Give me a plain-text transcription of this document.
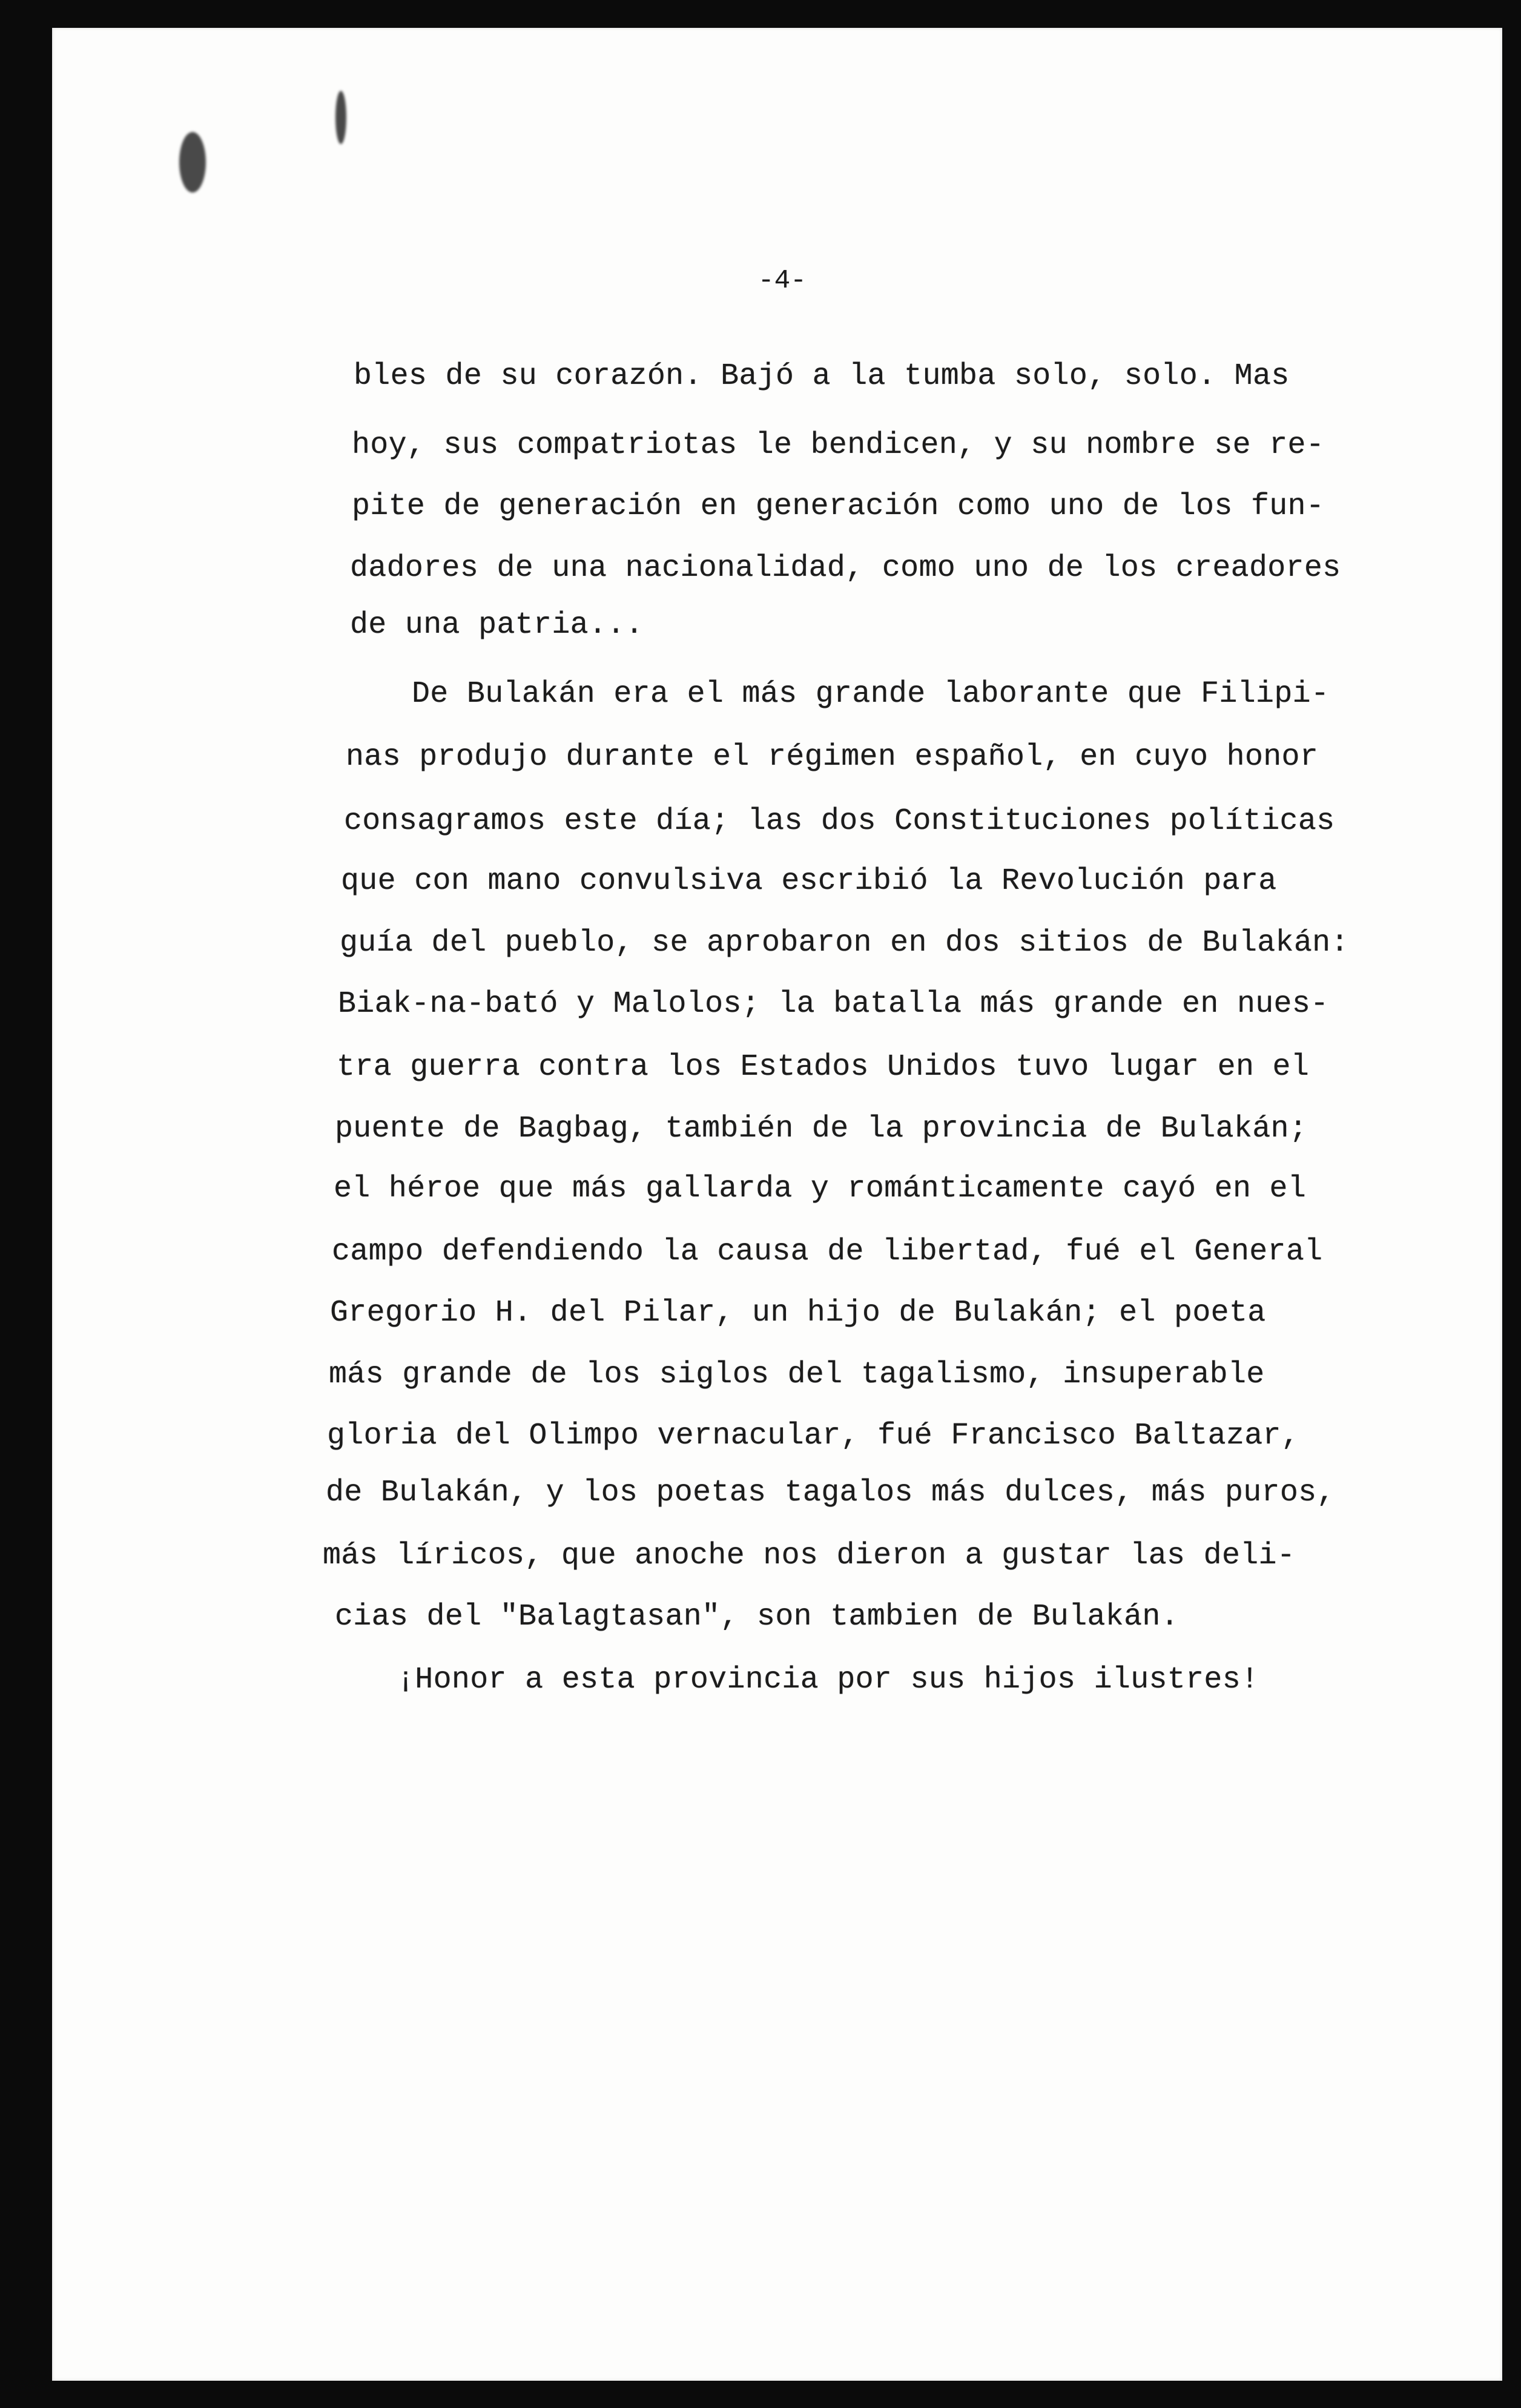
-4-
bles de su corazón. Bajó a la tumba solo, solo. Mas
hoy, sus compatriotas le bendicen, y su nombre se re-
pite de generación en generación como uno de los fun-
dadores de una nacionalidad, como uno de los creadores
de una patria...
De Bulakán era el más grande laborante que Filipi-
nas produjo durante el régimen español, en cuyo honor
consagramos este día; las dos Constituciones políticas
que con mano convulsiva escribió la Revolución para
guía del pueblo, se aprobaron en dos sitios de Bulakán:
Biak-na-bató y Malolos; la batalla más grande en nues-
tra guerra contra los Estados Unidos tuvo lugar en el
puente de Bagbag, también de la provincia de Bulakán;
el héroe que más gallarda y románticamente cayó en el
campo defendiendo la causa de libertad, fué el General
Gregorio H. del Pilar, un hijo de Bulakán; el poeta
más grande de los siglos del tagalismo, insuperable
gloria del Olimpo vernacular, fué Francisco Baltazar,
de Bulakán, y los poetas tagalos más dulces, más puros,
más líricos, que anoche nos dieron a gustar las deli-
cias del "Balagtasan", son tambien de Bulakán.
¡Honor a esta provincia por sus hijos ilustres!
